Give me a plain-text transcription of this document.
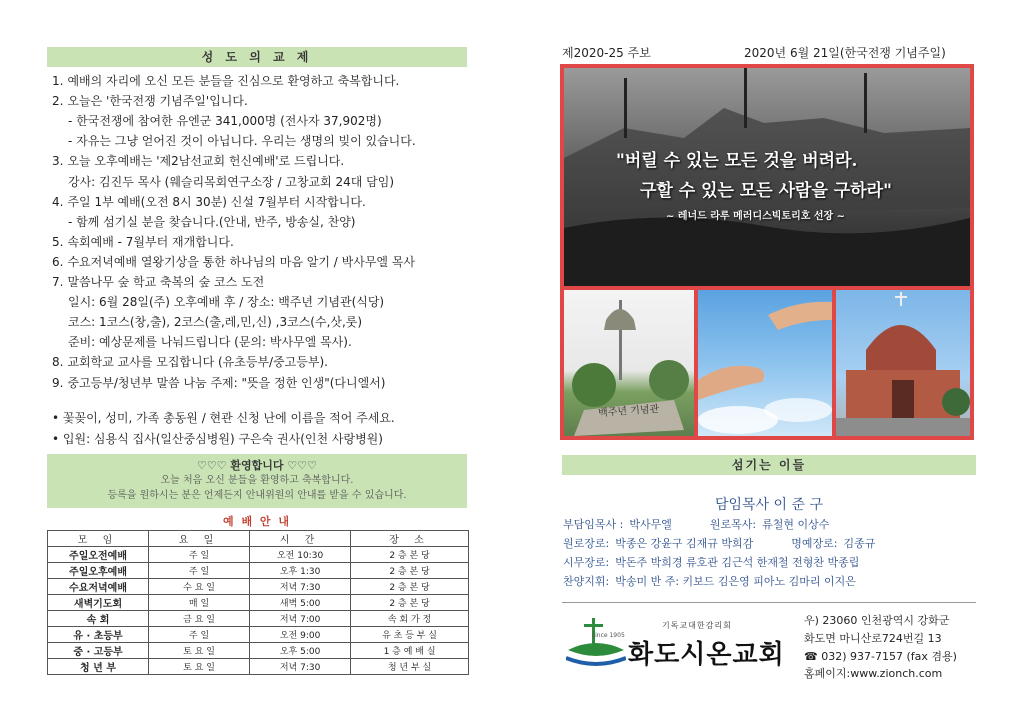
성 도 의 교 제
1. 예배의 자리에 오신 모든 분들을 진심으로 환영하고 축복합니다.
2. 오늘은 '한국전쟁 기념주일'입니다.
- 한국전쟁에 참여한 유엔군 341,000명 (전사자 37,902명)
- 자유는 그냥 얻어진 것이 아닙니다. 우리는 생명의 빚이 있습니다.
3. 오늘 오후예배는 '제2남선교회 헌신예배'로 드립니다.
강사: 김진두 목사 (웨슬리목회연구소장 / 고창교회 24대 담임)
4. 주일 1부 예배(오전 8시 30분) 신설 7월부터 시작합니다.
- 함께 섬기실 분을 찾습니다.(안내, 반주, 방송실, 찬양)
5. 속회예배 - 7월부터 재개합니다.
6. 수요저녁예배 열왕기상을 통한 하나님의 마음 알기 / 박사무엘 목사
7. 말씀나무 숲 학교 축복의 숲 코스 도전
일시: 6월 28일(주) 오후예배 후 / 장소: 백주년 기념관(식당)
코스: 1코스(창,출), 2코스(출,레,민,신) ,3코스(수,삿,룻)
준비: 예상문제를 나눠드립니다 (문의: 박사무엘 목사).
8. 교회학교 교사를 모집합니다 (유초등부/중고등부).
9. 중고등부/청년부 말씀 나눔 주제: "뜻을 정한 인생"(다니엘서)
• 꽃꽂이, 성미, 가족 총동원 / 현관 신청 난에 이름을 적어 주세요.
• 입원: 심용식 집사(일산중심병원) 구은숙 권사(인천 사랑병원)
♡♡♡ 환영합니다 ♡♡♡
오늘 처음 오신 분들을 환영하고 축복합니다.
등록을 원하시는 분은 언제든지 안내위원의 안내를 받을 수 있습니다.
예 배 안 내
모 임	요 일	시 간	장 소
주일오전예배	주 일	오전 10:30	2 층 본 당
주일오후예배	주 일	오후 1:30	2 층 본 당
수요저녁예배	수 요 일	저녁 7:30	2 층 본 당
새벽기도회	매 일	새벽 5:00	2 층 본 당
속 회	금 요 일	저녁 7:00	속 회 가 정
유 · 초등부	주 일	오전 9:00	유 초 등 부 실
중 · 고등부	토 요 일	오후 5:00	1 층 예 배 실
청 년 부	토 요 일	저녁 7:30	청 년 부 실
제2020-25 주보	2020년 6월 21일(한국전쟁 기념주일)
"버릴 수 있는 모든 것을 버려라.
구할 수 있는 모든 사람을 구하라"
~ 레너드 라루 메러디스빅토리호 선장 ~
백주년 기념관
섬기는 이들
담임목사 이 준 구
부담임목사 : 박사무엘	원로목사: 류철현 이상수
원로장로: 박종은 강윤구 김재규 박희감	명예장로: 김종규
시무장로: 박돈주 박희경 류호관 김근석 한재철 전형찬 박종립
찬양지휘: 박송미 반 주: 키보드 김은영 피아노 김마리 이지은
since 1905
기독교대한감리회
화도시온교회
우) 23060 인천광역시 강화군
화도면 마니산로724번길 13
☎ 032) 937-7157 (fax 겸용)
홈페이지:www.zionch.com
